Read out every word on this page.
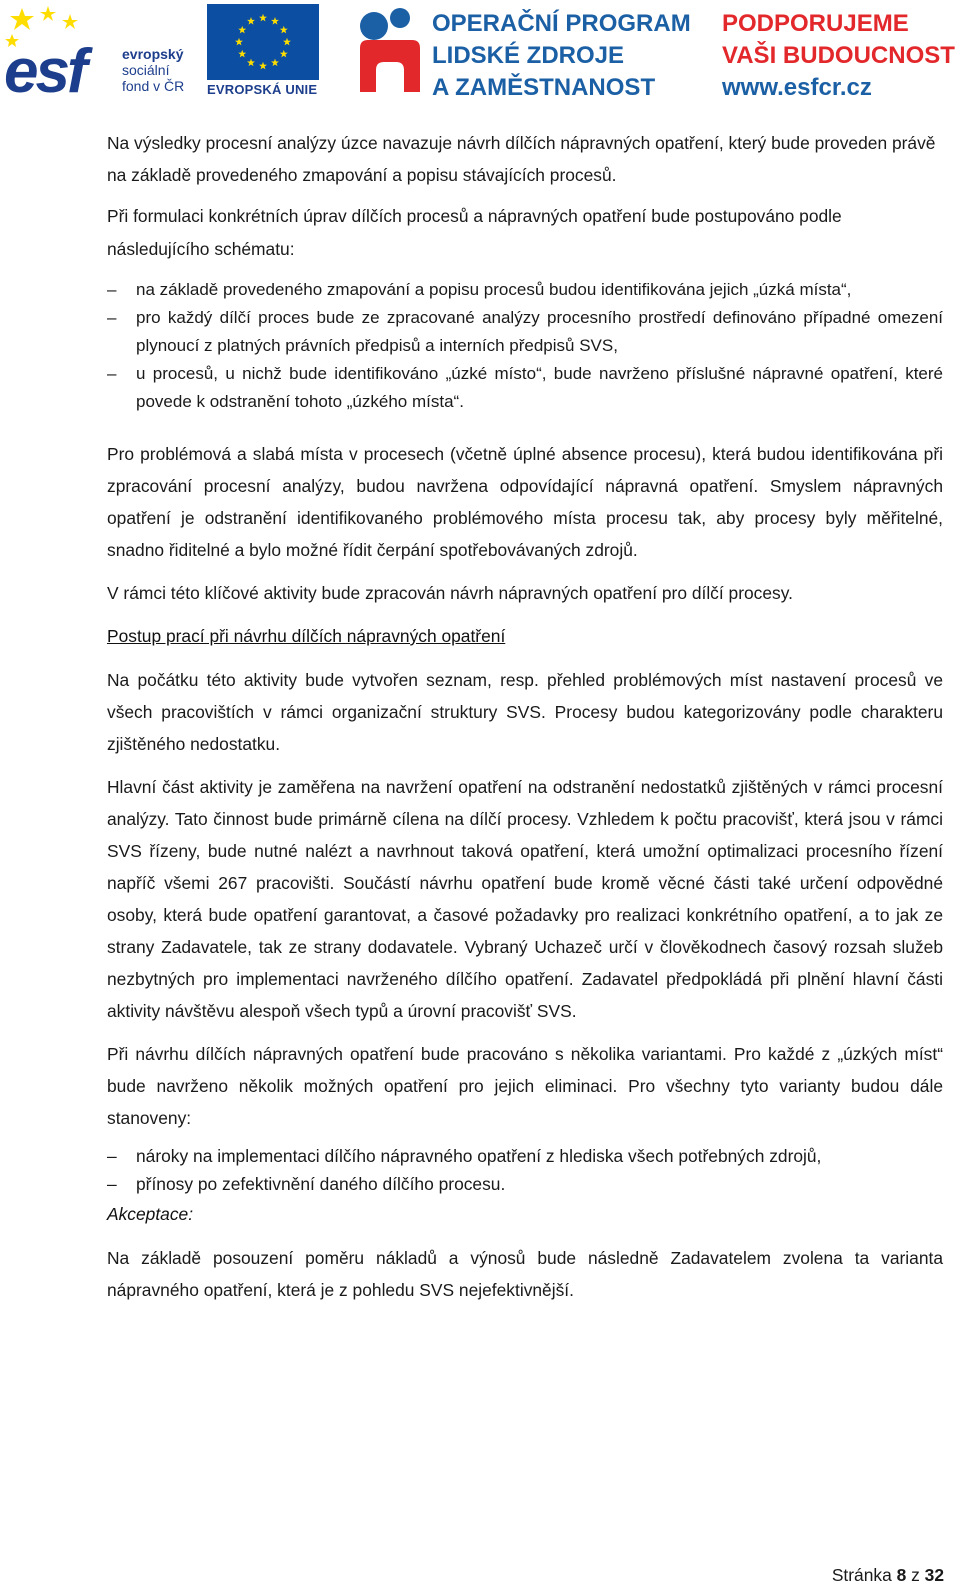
esf	evropský
sociální
fond v ČR	EVROPSKÁ UNIE
OPERAČNÍ PROGRAM
LIDSKÉ ZDROJE
A ZAMĚSTNANOST
PODPORUJEME
VAŠI BUDOUCNOST
www.esfcr.cz

Na výsledky procesní analýzy úzce navazuje návrh dílčích nápravných opatření, který bude proveden právě na základě provedeného zmapování a popisu stávajících procesů.

Při formulaci konkrétních úprav dílčích procesů a nápravných opatření bude postupováno podle následujícího schématu:

–	na základě provedeného zmapování a popisu procesů budou identifikována jejich „úzká místa“,
–	pro každý dílčí proces bude ze zpracované analýzy procesního prostředí definováno případné omezení plynoucí z platných právních předpisů a interních předpisů SVS,
–	u procesů, u nichž bude identifikováno „úzké místo“, bude navrženo příslušné nápravné opatření, které povede k odstranění tohoto „úzkého místa“.

Pro problémová a slabá místa v procesech (včetně úplné absence procesu), která budou identifikována při zpracování procesní analýzy, budou navržena odpovídající nápravná opatření. Smyslem nápravných opatření je odstranění identifikovaného problémového místa procesu tak, aby procesy byly měřitelné, snadno řiditelné a bylo možné řídit čerpání spotřebovávaných zdrojů.

V rámci této klíčové aktivity bude zpracován návrh nápravných opatření pro dílčí procesy.

Postup prací při návrhu dílčích nápravných opatření

Na počátku této aktivity bude vytvořen seznam, resp. přehled problémových míst nastavení procesů ve všech pracovištích v rámci organizační struktury SVS. Procesy budou kategorizovány podle charakteru zjištěného nedostatku.

Hlavní část aktivity je zaměřena na navržení opatření na odstranění nedostatků zjištěných v rámci procesní analýzy. Tato činnost bude primárně cílena na dílčí procesy. Vzhledem k počtu pracovišť, která jsou v rámci SVS řízeny, bude nutné nalézt a navrhnout taková opatření, která umožní optimalizaci procesního řízení napříč všemi 267 pracovišti. Součástí návrhu opatření bude kromě věcné části také určení odpovědné osoby, která bude opatření garantovat, a časové požadavky pro realizaci konkrétního opatření, a to jak ze strany Zadavatele, tak ze strany dodavatele. Vybraný Uchazeč určí v člověkodnech časový rozsah služeb nezbytných pro implementaci navrženého dílčího opatření. Zadavatel předpokládá při plnění hlavní části aktivity návštěvu alespoň všech typů a úrovní pracovišť SVS.

Při návrhu dílčích nápravných opatření bude pracováno s několika variantami. Pro každé z „úzkých míst“ bude navrženo několik možných opatření pro jejich eliminaci. Pro všechny tyto varianty budou dále stanoveny:

–	nároky na implementaci dílčího nápravného opatření z hlediska všech potřebných zdrojů,
–	přínosy po zefektivnění daného dílčího procesu.

Akceptace:

Na základě posouzení poměru nákladů a výnosů bude následně Zadavatelem zvolena ta varianta nápravného opatření, která je z pohledu SVS nejefektivnější.

Stránka 8 z 32
